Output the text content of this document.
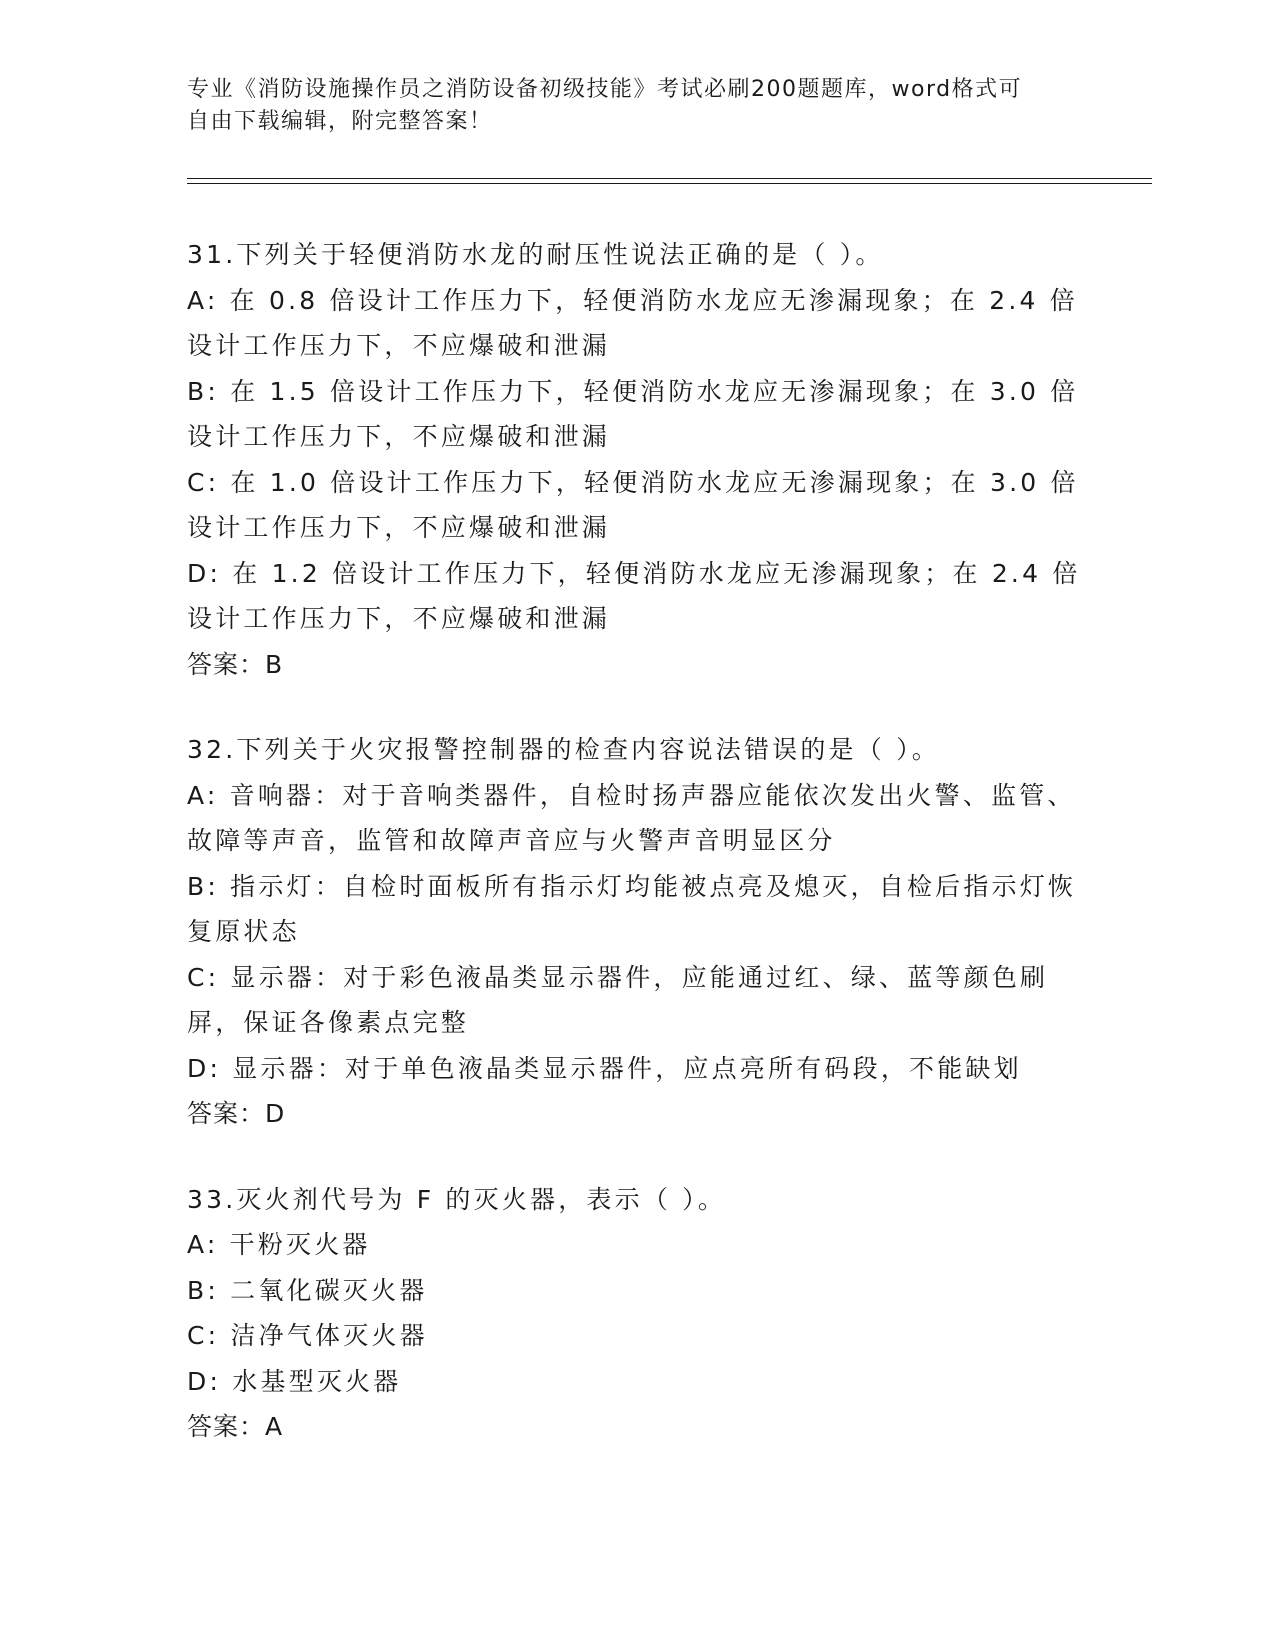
专业《消防设施操作员之消防设备初级技能》考试必刷200题题库，word格式可
自由下载编辑，附完整答案！
31.下列关于轻便消防水龙的耐压性说法正确的是（ ）。
A: 在 0.8 倍设计工作压力下，轻便消防水龙应无渗漏现象；在 2.4 倍设计工作压力下，不应爆破和泄漏
B: 在 1.5 倍设计工作压力下，轻便消防水龙应无渗漏现象；在 3.0 倍设计工作压力下，不应爆破和泄漏
C: 在 1.0 倍设计工作压力下，轻便消防水龙应无渗漏现象；在 3.0 倍设计工作压力下，不应爆破和泄漏
D: 在 1.2 倍设计工作压力下，轻便消防水龙应无渗漏现象；在 2.4 倍设计工作压力下，不应爆破和泄漏
答案：B
32.下列关于火灾报警控制器的检查内容说法错误的是（ ）。
A: 音响器：对于音响类器件，自检时扬声器应能依次发出火警、监管、故障等声音，监管和故障声音应与火警声音明显区分
B: 指示灯：自检时面板所有指示灯均能被点亮及熄灭，自检后指示灯恢复原状态
C: 显示器：对于彩色液晶类显示器件，应能通过红、绿、蓝等颜色刷屏，保证各像素点完整
D: 显示器：对于单色液晶类显示器件，应点亮所有码段，不能缺划
答案：D
33.灭火剂代号为 F 的灭火器，表示（ ）。
A: 干粉灭火器
B: 二氧化碳灭火器
C: 洁净气体灭火器
D: 水基型灭火器
答案：A
